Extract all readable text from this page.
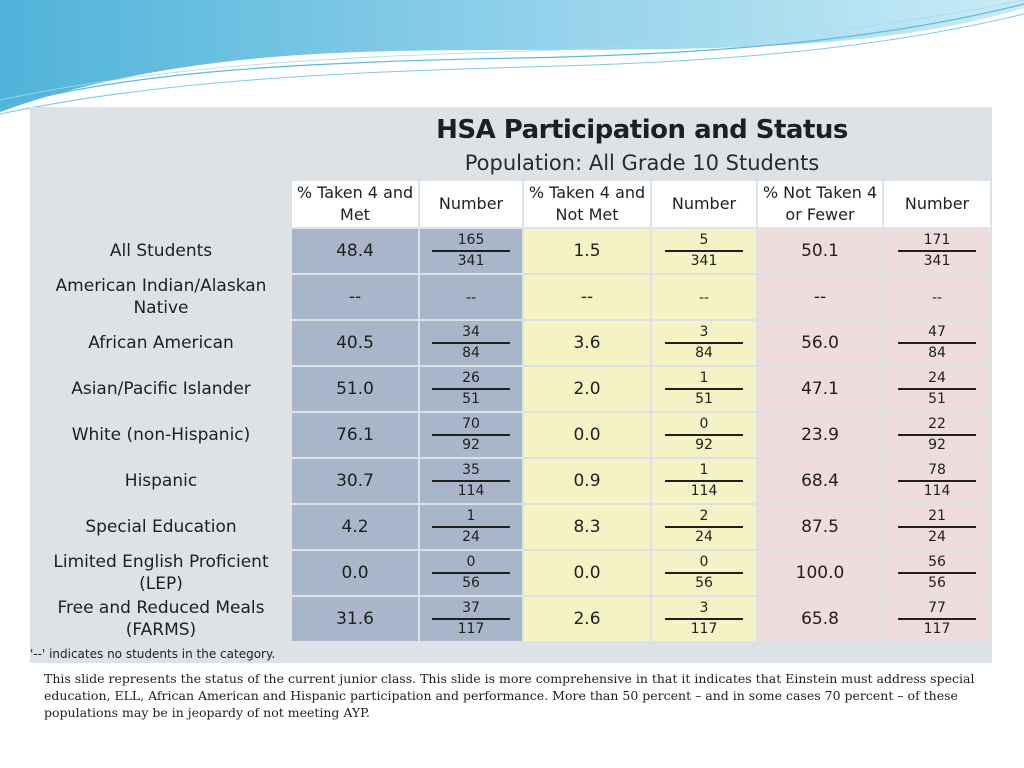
HSA Participation and Status
Population: All Grade 10 Students
	% Taken 4 and Met	Number	% Taken 4 and Not Met	Number	% Not Taken 4 or Fewer	Number
All Students	48.4	$\frac{165}{341}$	1.5	$\frac{5}{341}$	50.1	$\frac{171}{341}$

American Indian/Alaskan Native	--	--	--	--	--	--

African American	40.5	$\frac{34}{84}$	3.6	$\frac{3}{84}$	56.0	$\frac{47}{84}$

Asian/Pacific Islander	51.0	$\frac{26}{51}$	2.0	$\frac{1}{51}$	47.1	$\frac{24}{51}$

White (non-Hispanic)	76.1	$\frac{70}{92}$	0.0	$\frac{0}{92}$	23.9	$\frac{22}{92}$

Hispanic	30.7	$\frac{35}{114}$	0.9	$\frac{1}{114}$	68.4	$\frac{78}{114}$

Special Education	4.2	$\frac{1}{24}$	8.3	$\frac{2}{24}$	87.5	$\frac{21}{24}$

Limited English Proficient (LEP)	0.0	$\frac{0}{56}$	0.0	$\frac{0}{56}$	100.0	$\frac{56}{56}$

Free and Reduced Meals (FARMS)	31.6	$\frac{37}{117}$	2.6	$\frac{3}{117}$	65.8	$\frac{77}{117}$
'--' indicates no students in the category.
This slide represents the status of the current junior class. This slide is more comprehensive in that it indicates that Einstein must address special education, ELL, African American and Hispanic participation and performance. More than 50 percent – and in some cases 70 percent – of these populations may be in jeopardy of not meeting AYP.
